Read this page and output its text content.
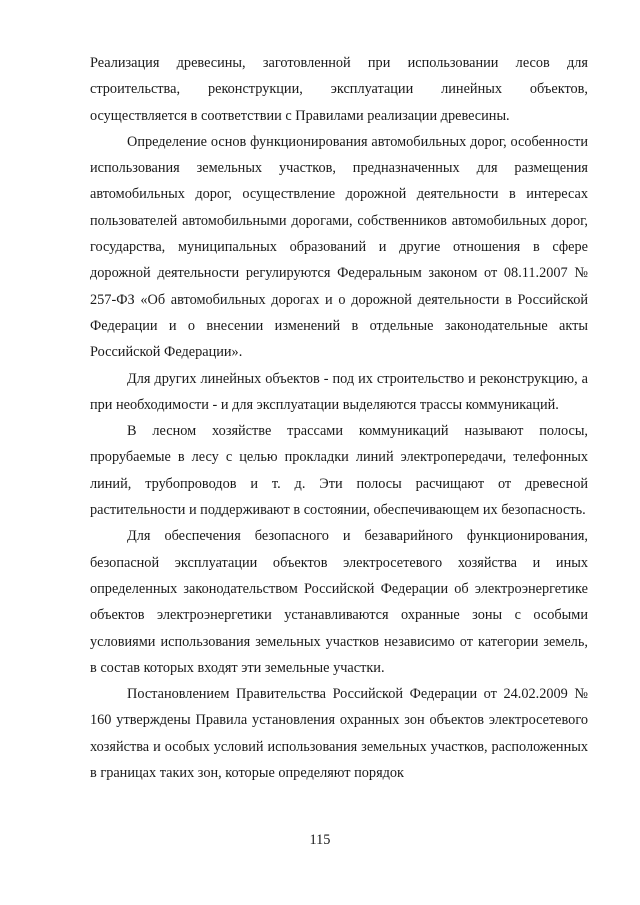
Реализация древесины, заготовленной при использовании лесов для строительства, реконструкции, эксплуатации линейных объектов, осуществляется в соответствии с Правилами реализации древесины.

Определение основ функционирования автомобильных дорог, особенности использования земельных участков, предназначенных для размещения автомобильных дорог, осуществление дорожной деятельности в интересах пользователей автомобильными дорогами, собственников автомобильных дорог, государства, муниципальных образований и другие отношения в сфере дорожной деятельности регулируются Федеральным законом от 08.11.2007 № 257-ФЗ «Об автомобильных дорогах и о дорожной деятельности в Российской Федерации и о внесении изменений в отдельные законодательные акты Российской Федерации».

Для других линейных объектов - под их строительство и реконструкцию, а при необходимости - и для эксплуатации выделяются трассы коммуникаций.

В лесном хозяйстве трассами коммуникаций называют полосы, прорубаемые в лесу с целью прокладки линий электропередачи, телефонных линий, трубопроводов и т. д. Эти полосы расчищают от древесной растительности и поддерживают в состоянии, обеспечивающем их безопасность.

Для обеспечения безопасного и безаварийного функционирования, безопасной эксплуатации объектов электросетевого хозяйства и иных определенных законодательством Российской Федерации об электроэнергетике объектов электроэнергетики устанавливаются охранные зоны с особыми условиями использования земельных участков независимо от категории земель, в состав которых входят эти земельные участки.

Постановлением Правительства Российской Федерации от 24.02.2009 № 160 утверждены Правила установления охранных зон объектов электросетевого хозяйства и особых условий использования земельных участков, расположенных в границах таких зон, которые определяют порядок

115
